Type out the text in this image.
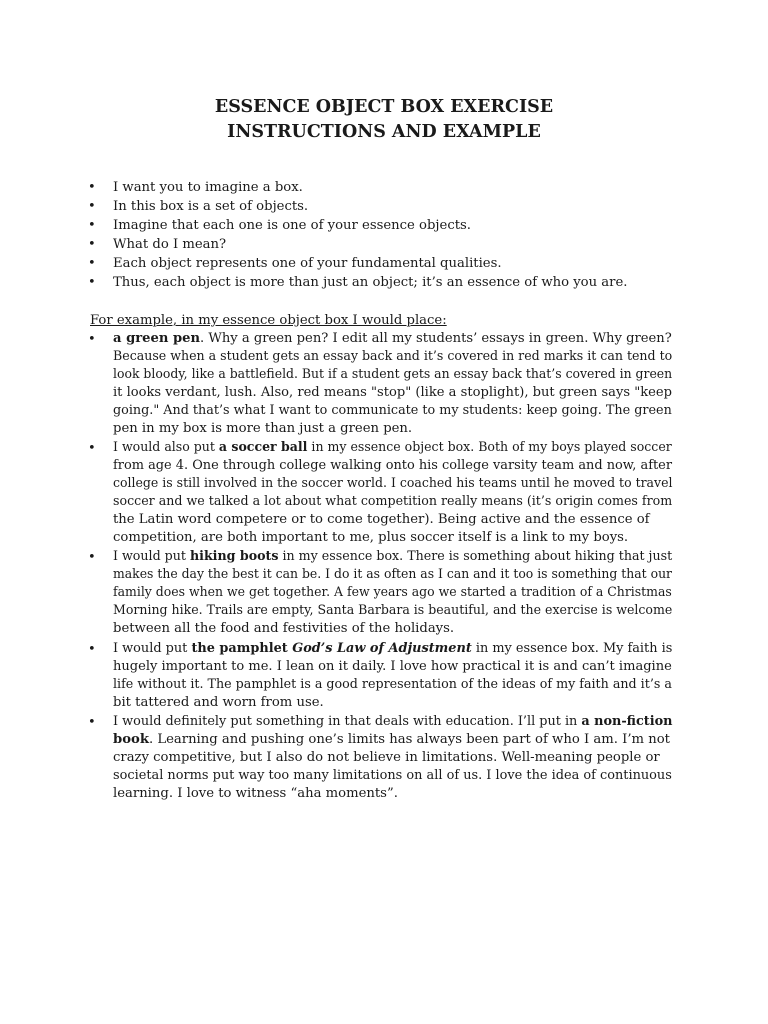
ESSENCE OBJECT BOX EXERCISE
INSTRUCTIONS AND EXAMPLE
• I want you to imagine a box.
• In this box is a set of objects.
• Imagine that each one is one of your essence objects.
• What do I mean?
• Each object represents one of your fundamental qualities.
• Thus, each object is more than just an object; it’s an essence of who you are.
For example, in my essence object box I would place:
• a green pen. Why a green pen? I edit all my students’ essays in green. Why green?
Because when a student gets an essay back and it’s covered in red marks it can tend to
look bloody, like a battlefield. But if a student gets an essay back that’s covered in green
it looks verdant, lush. Also, red means "stop" (like a stoplight), but green says "keep
going." And that’s what I want to communicate to my students: keep going. The green
pen in my box is more than just a green pen.
• I would also put a soccer ball in my essence object box. Both of my boys played soccer
from age 4. One through college walking onto his college varsity team and now, after
college is still involved in the soccer world. I coached his teams until he moved to travel
soccer and we talked a lot about what competition really means (it’s origin comes from
the Latin word competere or to come together). Being active and the essence of
competition, are both important to me, plus soccer itself is a link to my boys.
• I would put hiking boots in my essence box. There is something about hiking that just
makes the day the best it can be. I do it as often as I can and it too is something that our
family does when we get together. A few years ago we started a tradition of a Christmas
Morning hike. Trails are empty, Santa Barbara is beautiful, and the exercise is welcome
between all the food and festivities of the holidays.
• I would put the pamphlet God’s Law of Adjustment in my essence box. My faith is
hugely important to me. I lean on it daily. I love how practical it is and can’t imagine
life without it. The pamphlet is a good representation of the ideas of my faith and it’s a
bit tattered and worn from use.
• I would definitely put something in that deals with education. I’ll put in a non-fiction
book. Learning and pushing one’s limits has always been part of who I am. I’m not
crazy competitive, but I also do not believe in limitations. Well-meaning people or
societal norms put way too many limitations on all of us. I love the idea of continuous
learning. I love to witness “aha moments”.
